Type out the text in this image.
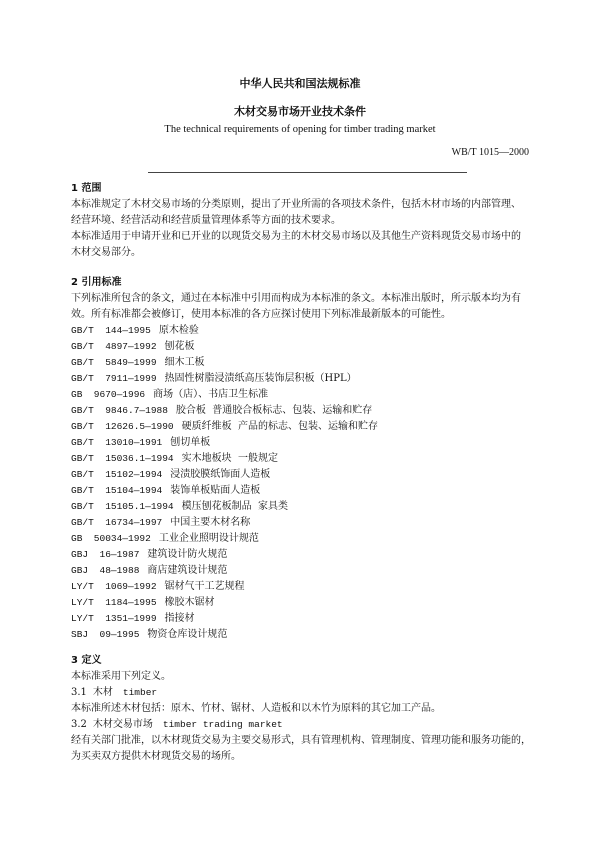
中华人民共和国法规标准
木材交易市场开业技术条件
The technical requirements of opening for timber trading market
WB/T 1015—2000
1 范围
本标准规定了木材交易市场的分类原则，提出了开业所需的各项技术条件，包括木材市场的内部管理、
经营环境、经营活动和经营质量管理体系等方面的技术要求。
本标准适用于申请开业和已开业的以现货交易为主的木材交易市场以及其他生产资料现货交易市场中的
木材交易部分。
2 引用标准
下列标准所包含的条文，通过在本标准中引用而构成为本标准的条文。本标准出版时，所示版本均为有
效。所有标准都会被修订，使用本标准的各方应探讨使用下列标准最新版本的可能性。
GB/T  144—1995 原木检验
GB/T  4897—1992 刨花板
GB/T  5849—1999 细木工板
GB/T  7911—1999 热固性树脂浸渍纸高压装饰层积板（HPL）
GB  9670—1996 商场（店）、书店卫生标准
GB/T  9846.7—1988 胶合板  普通胶合板标志、包装、运输和贮存
GB/T  12626.5—1990 硬质纤维板  产品的标志、包装、运输和贮存
GB/T  13010—1991 刨切单板
GB/T  15036.1—1994 实木地板块  一般规定
GB/T  15102—1994 浸渍胶膜纸饰面人造板
GB/T  15104—1994 装饰单板贴面人造板
GB/T  15105.1—1994 模压刨花板制品  家具类
GB/T  16734—1997 中国主要木材名称
GB  50034—1992 工业企业照明设计规范
GBJ  16—1987 建筑设计防火规范
GBJ  48—1988 商店建筑设计规范
LY/T  1069—1992 锯材气干工艺规程
LY/T  1184—1995 橡胶木锯材
LY/T  1351—1999 指接材
SBJ  09—1995 物资仓库设计规范
3 定义
本标准采用下列定义。
3.1 木材 timber
本标准所述木材包括：原木、竹材、锯材、人造板和以木竹为原料的其它加工产品。
3.2 木材交易市场 timber trading market
经有关部门批准，以木材现货交易为主要交易形式，具有管理机构、管理制度、管理功能和服务功能的，
为买卖双方提供木材现货交易的场所。
